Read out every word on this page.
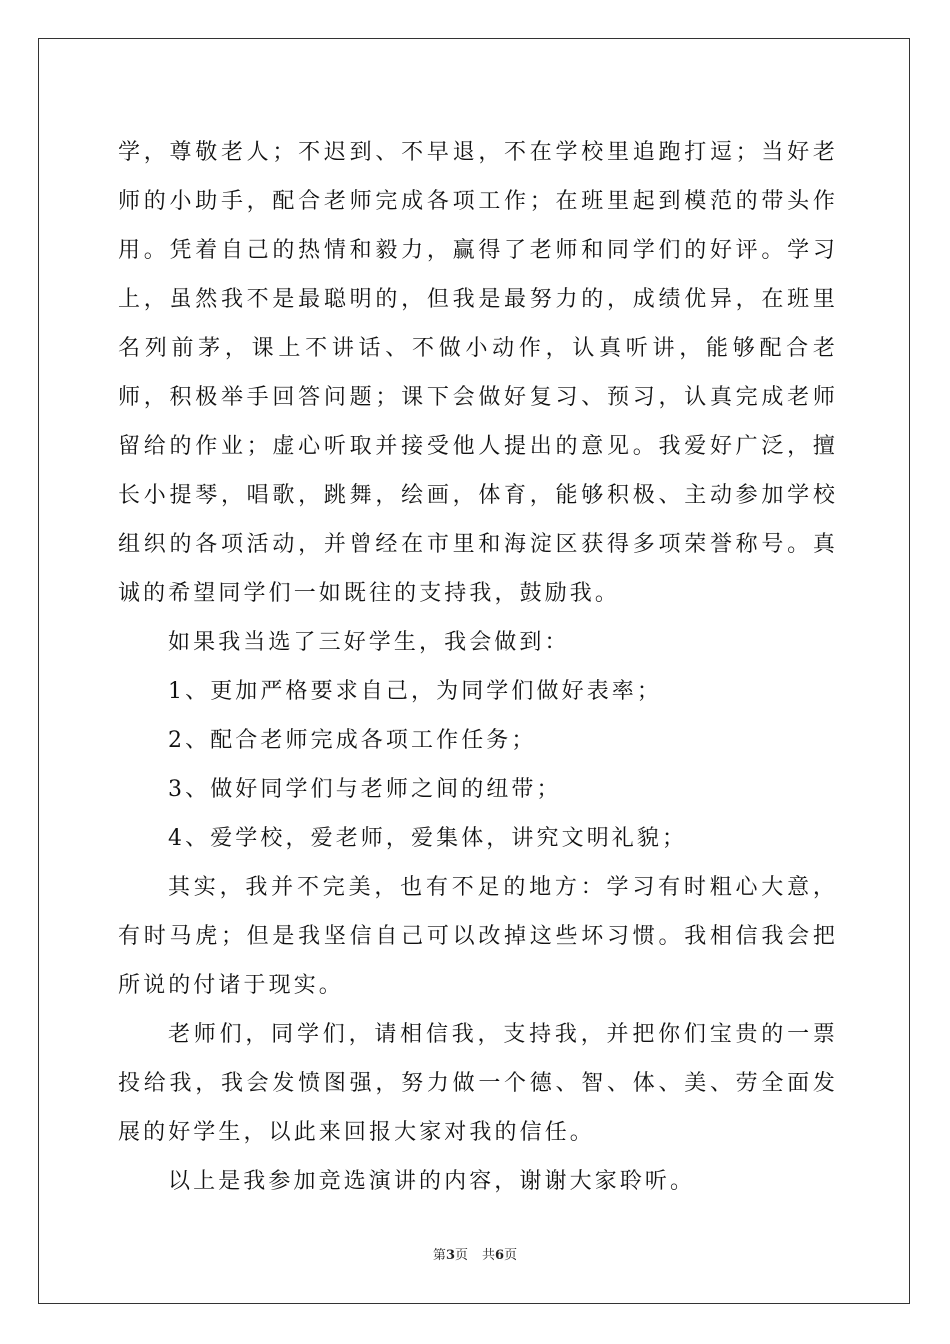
学，尊敬老人；不迟到、不早退，不在学校里追跑打逗；当好老师的小助手，配合老师完成各项工作；在班里起到模范的带头作用。凭着自己的热情和毅力，赢得了老师和同学们的好评。学习上，虽然我不是最聪明的，但我是最努力的，成绩优异，在班里名列前茅，课上不讲话、不做小动作，认真听讲，能够配合老师，积极举手回答问题；课下会做好复习、预习，认真完成老师留给的作业；虚心听取并接受他人提出的意见。我爱好广泛，擅长小提琴，唱歌，跳舞，绘画，体育，能够积极、主动参加学校组织的各项活动，并曾经在市里和海淀区获得多项荣誉称号。真诚的希望同学们一如既往的支持我，鼓励我。

如果我当选了三好学生，我会做到：

1、更加严格要求自己，为同学们做好表率；

2、配合老师完成各项工作任务；

3、做好同学们与老师之间的纽带；

4、爱学校，爱老师，爱集体，讲究文明礼貌；

其实，我并不完美，也有不足的地方：学习有时粗心大意，有时马虎；但是我坚信自己可以改掉这些坏习惯。我相信我会把所说的付诸于现实。

老师们，同学们，请相信我，支持我，并把你们宝贵的一票投给我，我会发愤图强，努力做一个德、智、体、美、劳全面发展的好学生，以此来回报大家对我的信任。

以上是我参加竞选演讲的内容，谢谢大家聆听。

第3页 共6页
